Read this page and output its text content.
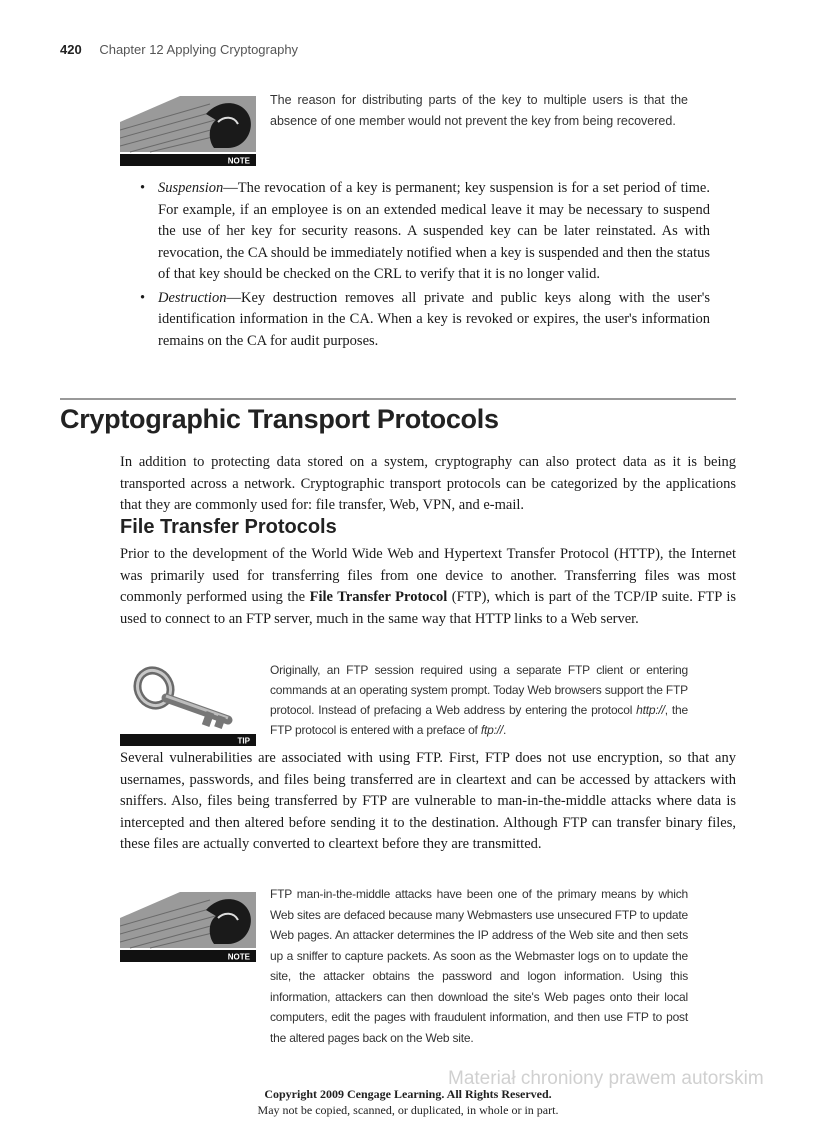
420 Chapter 12 Applying Cryptography
NOTE

The reason for distributing parts of the key to multiple users is that the absence of one member would not prevent the key from being recovered.

• Suspension—The revocation of a key is permanent; key suspension is for a set period of time. For example, if an employee is on an extended medical leave it may be necessary to suspend the use of her key for security reasons. A suspended key can be later reinstated. As with revocation, the CA should be immediately notified when a key is suspended and then the status of that key should be checked on the CRL to verify that it is no longer valid.
• Destruction—Key destruction removes all private and public keys along with the user's identification information in the CA. When a key is revoked or expires, the user's information remains on the CA for audit purposes.
Cryptographic Transport Protocols

In addition to protecting data stored on a system, cryptography can also protect data as it is being transported across a network. Cryptographic transport protocols can be categorized by the applications that they are commonly used for: file transfer, Web, VPN, and e-mail.

File Transfer Protocols

Prior to the development of the World Wide Web and Hypertext Transfer Protocol (HTTP), the Internet was primarily used for transferring files from one device to another. Transferring files was most commonly performed using the File Transfer Protocol (FTP), which is part of the TCP/IP suite. FTP is used to connect to an FTP server, much in the same way that HTTP links to a Web server.

TIP

Originally, an FTP session required using a separate FTP client or entering commands at an operating system prompt. Today Web browsers support the FTP protocol. Instead of prefacing a Web address by entering the protocol http://, the FTP protocol is entered with a preface of ftp://.

Several vulnerabilities are associated with using FTP. First, FTP does not use encryption, so that any usernames, passwords, and files being transferred are in cleartext and can be accessed by attackers with sniffers. Also, files being transferred by FTP are vulnerable to man-in-the-middle attacks where data is intercepted and then altered before sending it to the destination. Although FTP can transfer binary files, these files are actually converted to cleartext before they are transmitted.

NOTE

FTP man-in-the-middle attacks have been one of the primary means by which Web sites are defaced because many Webmasters use unsecured FTP to update Web pages. An attacker determines the IP address of the Web site and then sets up a sniffer to capture packets. As soon as the Webmaster logs on to update the site, the attacker obtains the password and logon information. Using this information, attackers can then download the site's Web pages onto their local computers, edit the pages with fraudulent information, and then use FTP to post the altered pages back on the Web site.

Materiał chroniony prawem autorskim
Copyright 2009 Cengage Learning. All Rights Reserved.
May not be copied, scanned, or duplicated, in whole or in part.
